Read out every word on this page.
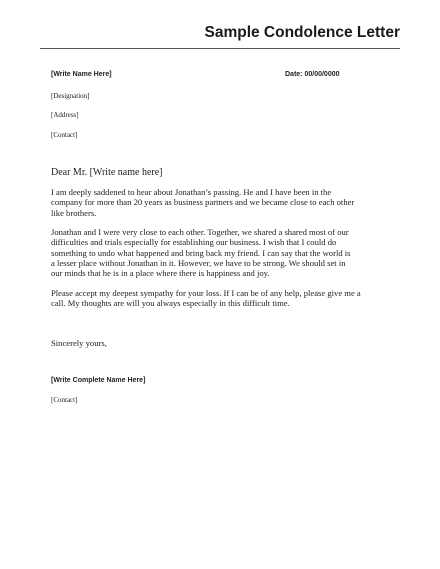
Sample Condolence Letter
[Write Name Here]	Date: 00/00/0000
[Designation]
[Address]
[Contact]
Dear Mr. [Write name here]
I am deeply saddened to hear about Jonathan’s passing. He and I have been in the
company for more than 20 years as business partners and we became close to each other
like brothers.
Jonathan and I were very close to each other. Together, we shared a shared most of our
difficulties and trials especially for establishing our business. I wish that I could do
something to undo what happened and bring back my friend. I can say that the world is
a lesser place without Jonathan in it. However, we have to be strong. We should set in
our minds that he is in a place where there is happiness and joy.
Please accept my deepest sympathy for your loss. If I can be of any help, please give me a
call. My thoughts are will you always especially in this difficult time.
Sincerely yours,
[Write Complete Name Here]
[Contact]
